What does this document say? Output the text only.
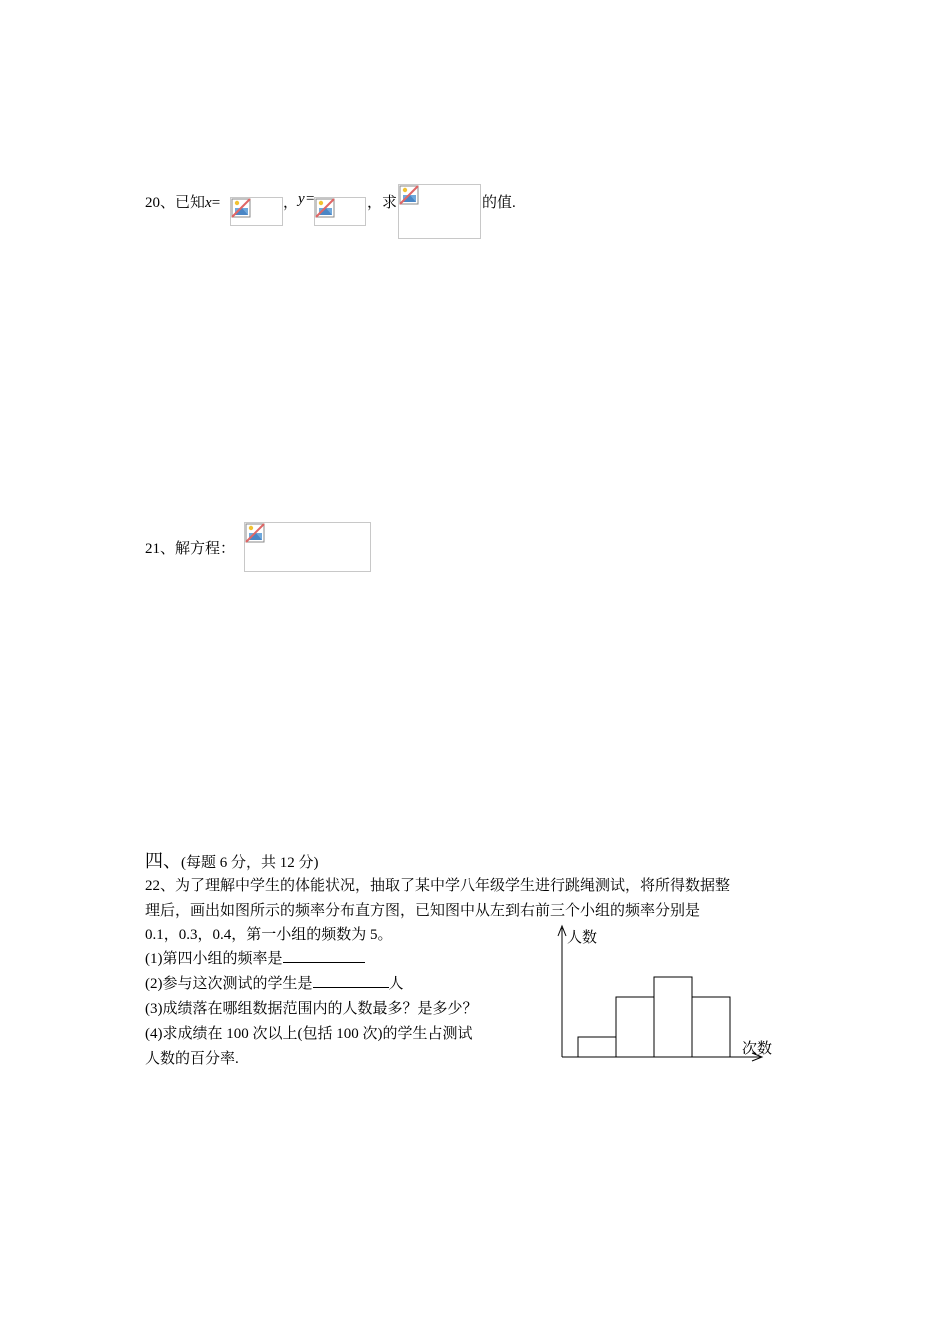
20、已知x=	， y =	，求	的值.
21、解方程：
四、(每题 6 分，共 12 分)
22、为了理解中学生的体能状况，抽取了某中学八年级学生进行跳绳测试，将所得数据整
理后，画出如图所示的频率分布直方图，已知图中从左到右前三个小组的频率分别是
0.1，0.3，0.4，第一小组的频数为 5。
(1)第四小组的频率是
(2)参与这次测试的学生是	人
(3)成绩落在哪组数据范围内的人数最多？是多少？
(4)求成绩在 100 次以上(包括 100 次)的学生占测试
人数的百分率.
人数
次数
